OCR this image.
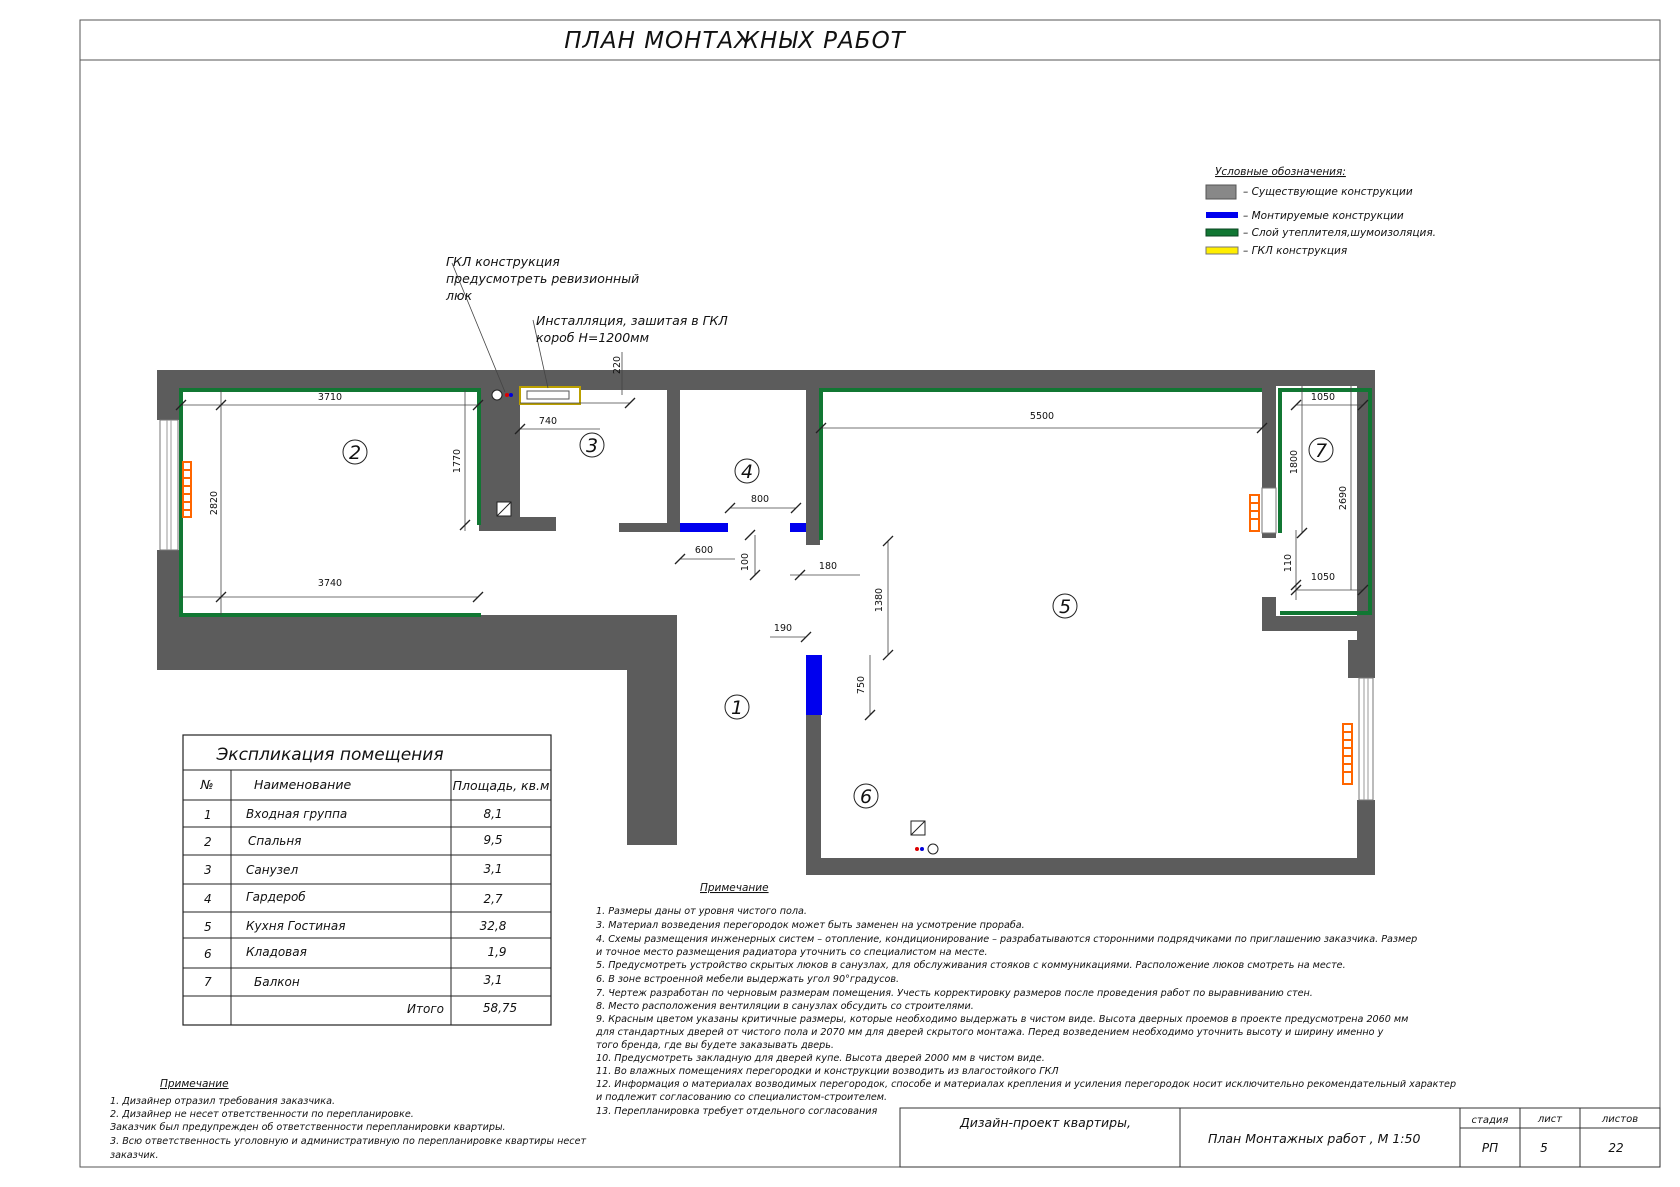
ПЛАН МОНТАЖНЫХ РАБОТ
3710
3740
2820
1770
740
220
800
600
100	180
5500
1380
190
750
1050
1800
2690
110
1050
1
2	3
4
5
6
7
ГКЛ конструкция
предусмотреть ревизионный
люк
Инсталляция, зашитая в ГКЛ
короб Н=1200мм
Условные обозначения:
– Существующие конструкции
– Монтируемые конструкции
– Слой утеплителя,шумоизоляция.
– ГКЛ конструкция
Экспликация помещения
№	Наименование	Площадь, кв.м
1	Входная группа	8,1
2	Спальня	9,5
3	Санузел	3,1
4	Гардероб	2,7
5	Кухня Гостиная	32,8
6	Кладовая	1,9
7	Балкон	3,1
Итого	58,75
Примечание
1. Размеры даны от уровня чистого пола.
3. Материал возведения перегородок может быть заменен на усмотрение прораба.
4. Схемы размещения инженерных систем – отопление, кондиционирование – разрабатываются сторонними подрядчиками по приглашению заказчика. Размер
и точное место размещения радиатора уточнить со специалистом на месте.
5. Предусмотреть устройство скрытых люков в санузлах, для обслуживания стояков с коммуникациями. Расположение люков смотреть на месте.
6. В зоне встроенной мебели выдержать угол 90°градусов.
7. Чертеж разработан по черновым размерам помещения. Учесть корректировку размеров после проведения работ по выравниванию стен.
8. Место расположения вентиляции в санузлах обсудить со строителями.
9. Красным цветом указаны критичные размеры, которые необходимо выдержать в чистом виде. Высота дверных проемов в проекте предусмотрена 2060 мм
для стандартных дверей от чистого пола и 2070 мм для дверей скрытого монтажа. Перед возведением необходимо уточнить высоту и ширину именно у
того бренда, где вы будете заказывать дверь.
10. Предусмотреть закладную для дверей купе. Высота дверей 2000 мм в чистом виде.
11. Во влажных помещениях перегородки и конструкции возводить из влагостойкого ГКЛ
12. Информация о материалах возводимых перегородок, способе и материалах крепления и усиления перегородок носит исключительно рекомендательный характер
и подлежит согласованию со специалистом-строителем.
13. Перепланировка требует отдельного согласования
Примечание
1. Дизайнер отразил требования заказчика.
2. Дизайнер не несет ответственности по перепланировке.
Заказчик был предупрежден об ответственности перепланировки квартиры.
3. Всю ответственность уголовную и административную по перепланировке квартиры несет
заказчик.
Дизайн-проект квартиры,
План Монтажных работ , М 1:50
стадия	лист	листов
РП	5	22
